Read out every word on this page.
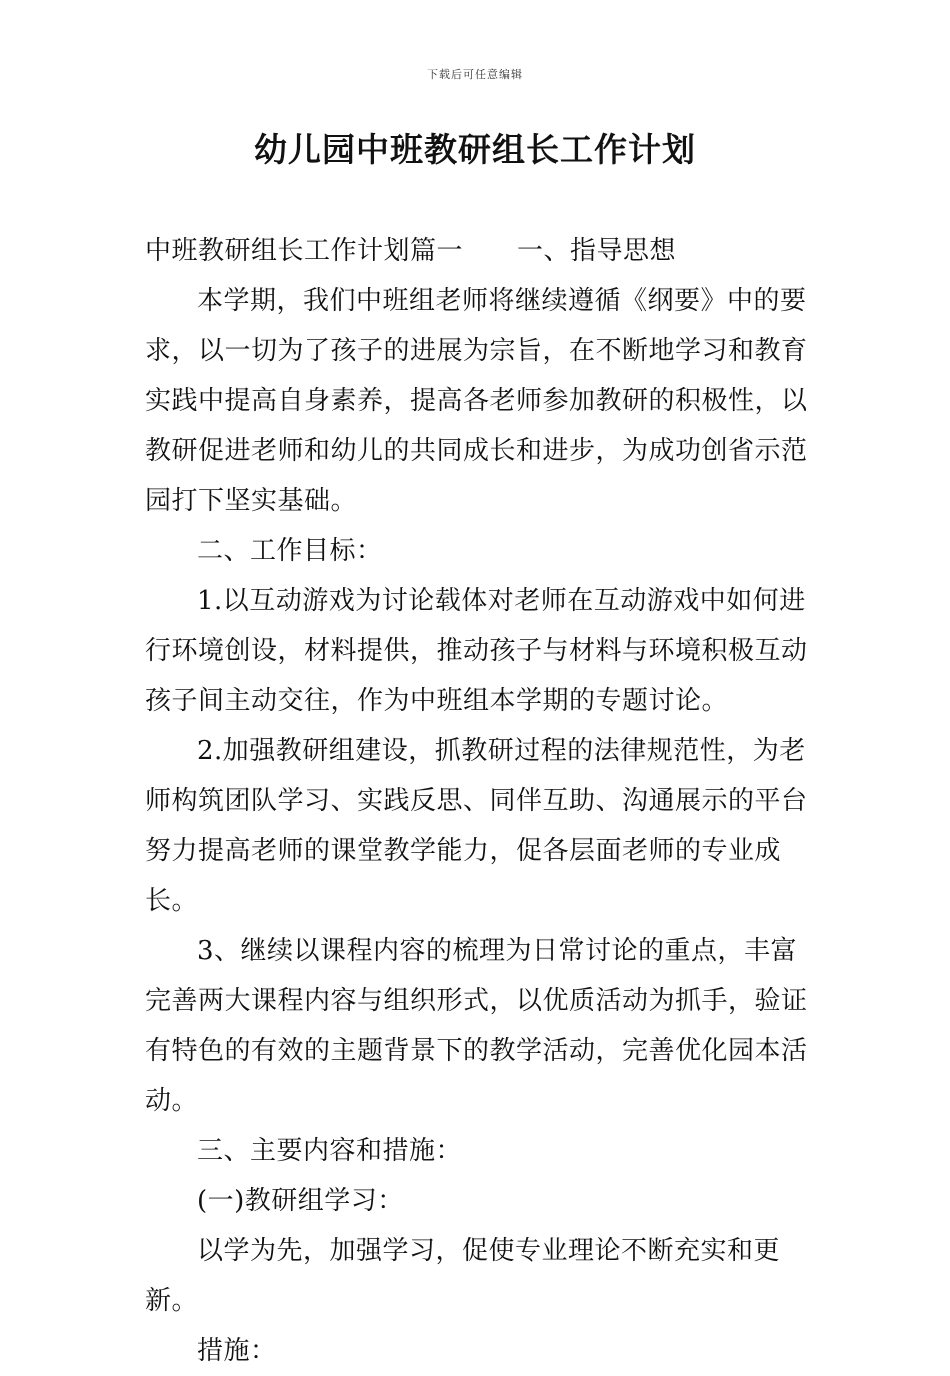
下载后可任意编辑
幼儿园中班教研组长工作计划

中班教研组长工作计划篇一 一、指导思想

本学期，我们中班组老师将继续遵循《纲要》中的要求，以一切为了孩子的进展为宗旨，在不断地学习和教育实践中提高自身素养，提高各老师参加教研的积极性，以教研促进老师和幼儿的共同成长和进步，为成功创省示范园打下坚实基础。

二、工作目标：

1.以互动游戏为讨论载体对老师在互动游戏中如何进行环境创设，材料提供，推动孩子与材料与环境积极互动孩子间主动交往，作为中班组本学期的专题讨论。

2.加强教研组建设，抓教研过程的法律规范性，为老师构筑团队学习、实践反思、同伴互助、沟通展示的平台努力提高老师的课堂教学能力，促各层面老师的专业成长。

3、继续以课程内容的梳理为日常讨论的重点，丰富完善两大课程内容与组织形式，以优质活动为抓手，验证有特色的有效的主题背景下的教学活动，完善优化园本活动。

三、主要内容和措施：

(一)教研组学习：

以学为先，加强学习，促使专业理论不断充实和更新。

措施：
